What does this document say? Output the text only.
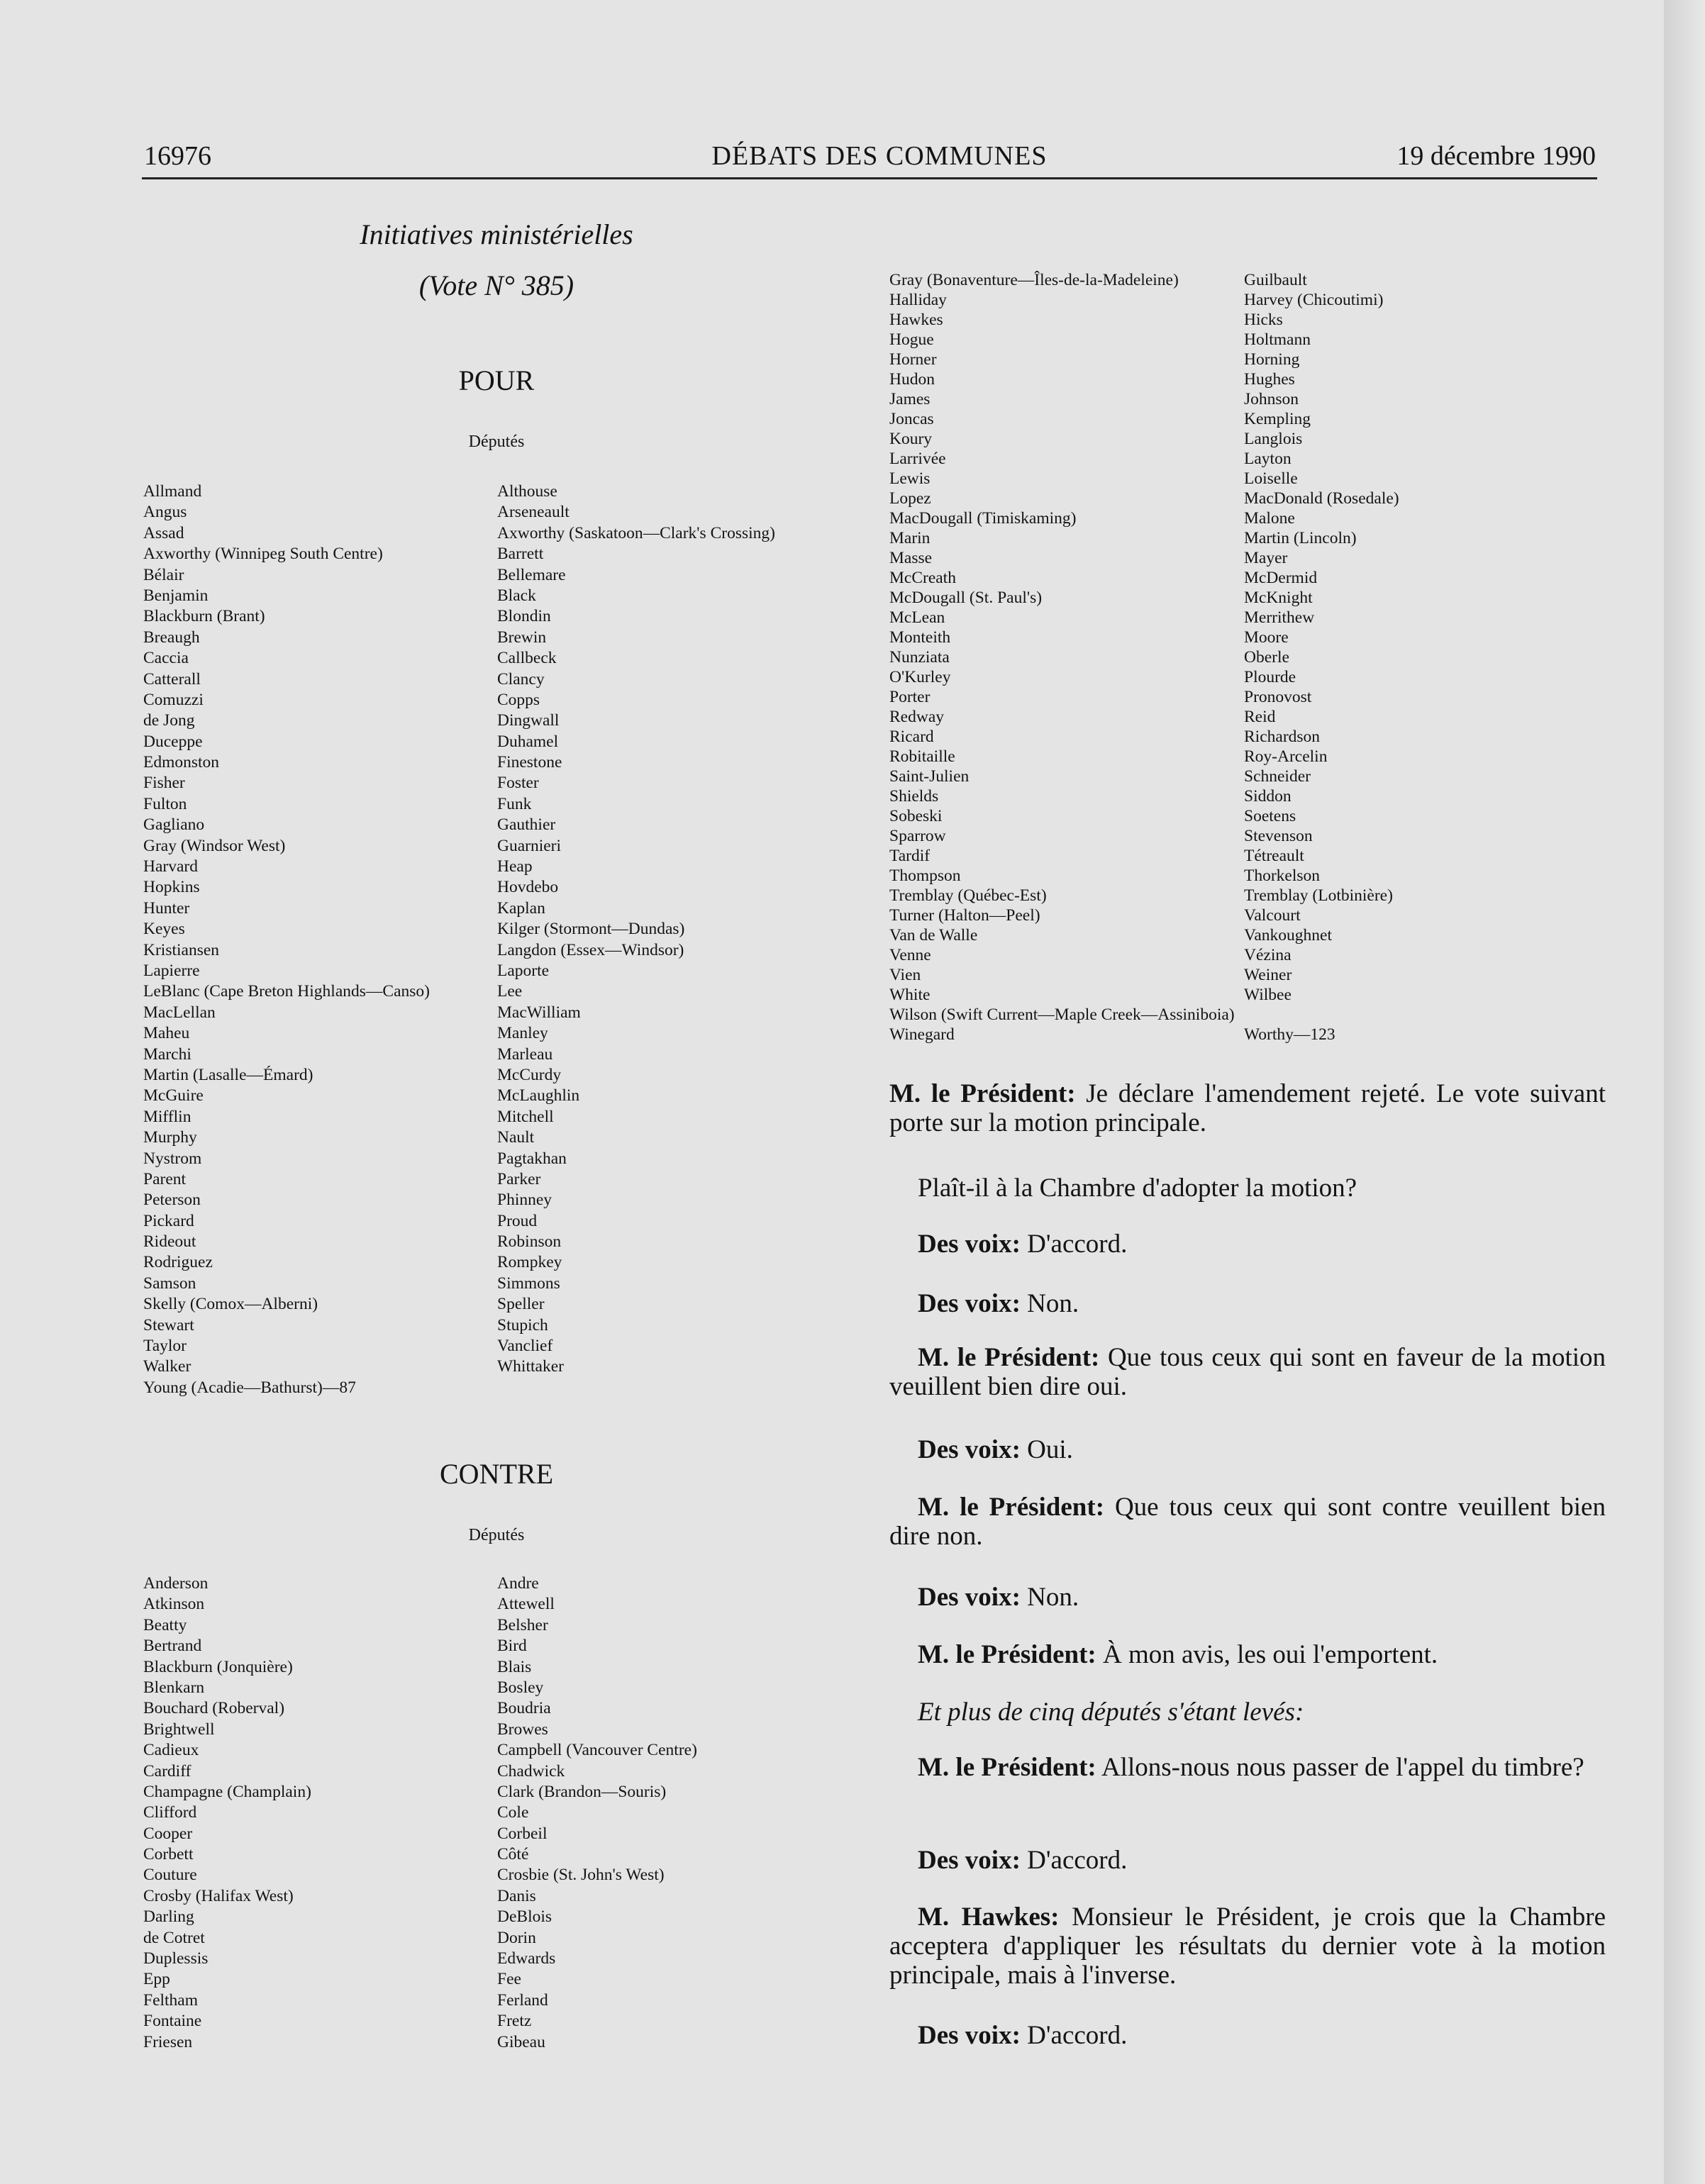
16976	DÉBATS DES COMMUNES	19 décembre 1990
Initiatives ministérielles
(Vote N° 385)
POUR
Députés
Allmand
Angus
Assad
Axworthy (Winnipeg South Centre)
Bélair
Benjamin
Blackburn (Brant)
Breaugh
Caccia
Catterall
Comuzzi
de Jong
Duceppe
Edmonston
Fisher
Fulton
Gagliano
Gray (Windsor West)
Harvard
Hopkins
Hunter
Keyes
Kristiansen
Lapierre
LeBlanc (Cape Breton Highlands—Canso)
MacLellan
Maheu
Marchi
Martin (Lasalle—Émard)
McGuire
Mifflin
Murphy
Nystrom
Parent
Peterson
Pickard
Rideout
Rodriguez
Samson
Skelly (Comox—Alberni)
Stewart
Taylor
Walker
Young (Acadie—Bathurst)—87
Althouse
Arseneault
Axworthy (Saskatoon—Clark's Crossing)
Barrett
Bellemare
Black
Blondin
Brewin
Callbeck
Clancy
Copps
Dingwall
Duhamel
Finestone
Foster
Funk
Gauthier
Guarnieri
Heap
Hovdebo
Kaplan
Kilger (Stormont—Dundas)
Langdon (Essex—Windsor)
Laporte
Lee
MacWilliam
Manley
Marleau
McCurdy
McLaughlin
Mitchell
Nault
Pagtakhan
Parker
Phinney
Proud
Robinson
Rompkey
Simmons
Speller
Stupich
Vanclief
Whittaker
CONTRE
Députés
Anderson
Atkinson
Beatty
Bertrand
Blackburn (Jonquière)
Blenkarn
Bouchard (Roberval)
Brightwell
Cadieux
Cardiff
Champagne (Champlain)
Clifford
Cooper
Corbett
Couture
Crosby (Halifax West)
Darling
de Cotret
Duplessis
Epp
Feltham
Fontaine
Friesen
Andre
Attewell
Belsher
Bird
Blais
Bosley
Boudria
Browes
Campbell (Vancouver Centre)
Chadwick
Clark (Brandon—Souris)
Cole
Corbeil
Côté
Crosbie (St. John's West)
Danis
DeBlois
Dorin
Edwards
Fee
Ferland
Fretz
Gibeau
Gray (Bonaventure—Îles-de-la-Madeleine)
Halliday
Hawkes
Hogue
Horner
Hudon
James
Joncas
Koury
Larrivée
Lewis
Lopez
MacDougall (Timiskaming)
Marin
Masse
McCreath
McDougall (St. Paul's)
McLean
Monteith
Nunziata
O'Kurley
Porter
Redway
Ricard
Robitaille
Saint-Julien
Shields
Sobeski
Sparrow
Tardif
Thompson
Tremblay (Québec-Est)
Turner (Halton—Peel)
Van de Walle
Venne
Vien
White
Wilson (Swift Current—Maple Creek—Assiniboia)
Winegard
Guilbault
Harvey (Chicoutimi)
Hicks
Holtmann
Horning
Hughes
Johnson
Kempling
Langlois
Layton
Loiselle
MacDonald (Rosedale)
Malone
Martin (Lincoln)
Mayer
McDermid
McKnight
Merrithew
Moore
Oberle
Plourde
Pronovost
Reid
Richardson
Roy-Arcelin
Schneider
Siddon
Soetens
Stevenson
Tétreault
Thorkelson
Tremblay (Lotbinière)
Valcourt
Vankoughnet
Vézina
Weiner
Wilbee
Worthy—123
M. le Président: Je déclare l'amendement rejeté. Le vote suivant porte sur la motion principale.
Plaît-il à la Chambre d'adopter la motion?
Des voix: D'accord.
Des voix: Non.
M. le Président: Que tous ceux qui sont en faveur de la motion veuillent bien dire oui.
Des voix: Oui.
M. le Président: Que tous ceux qui sont contre veuillent bien dire non.
Des voix: Non.
M. le Président: À mon avis, les oui l'emportent.
Et plus de cinq députés s'étant levés:
M. le Président: Allons-nous nous passer de l'appel du timbre?
Des voix: D'accord.
M. Hawkes: Monsieur le Président, je crois que la Chambre acceptera d'appliquer les résultats du dernier vote à la motion principale, mais à l'inverse.
Des voix: D'accord.
